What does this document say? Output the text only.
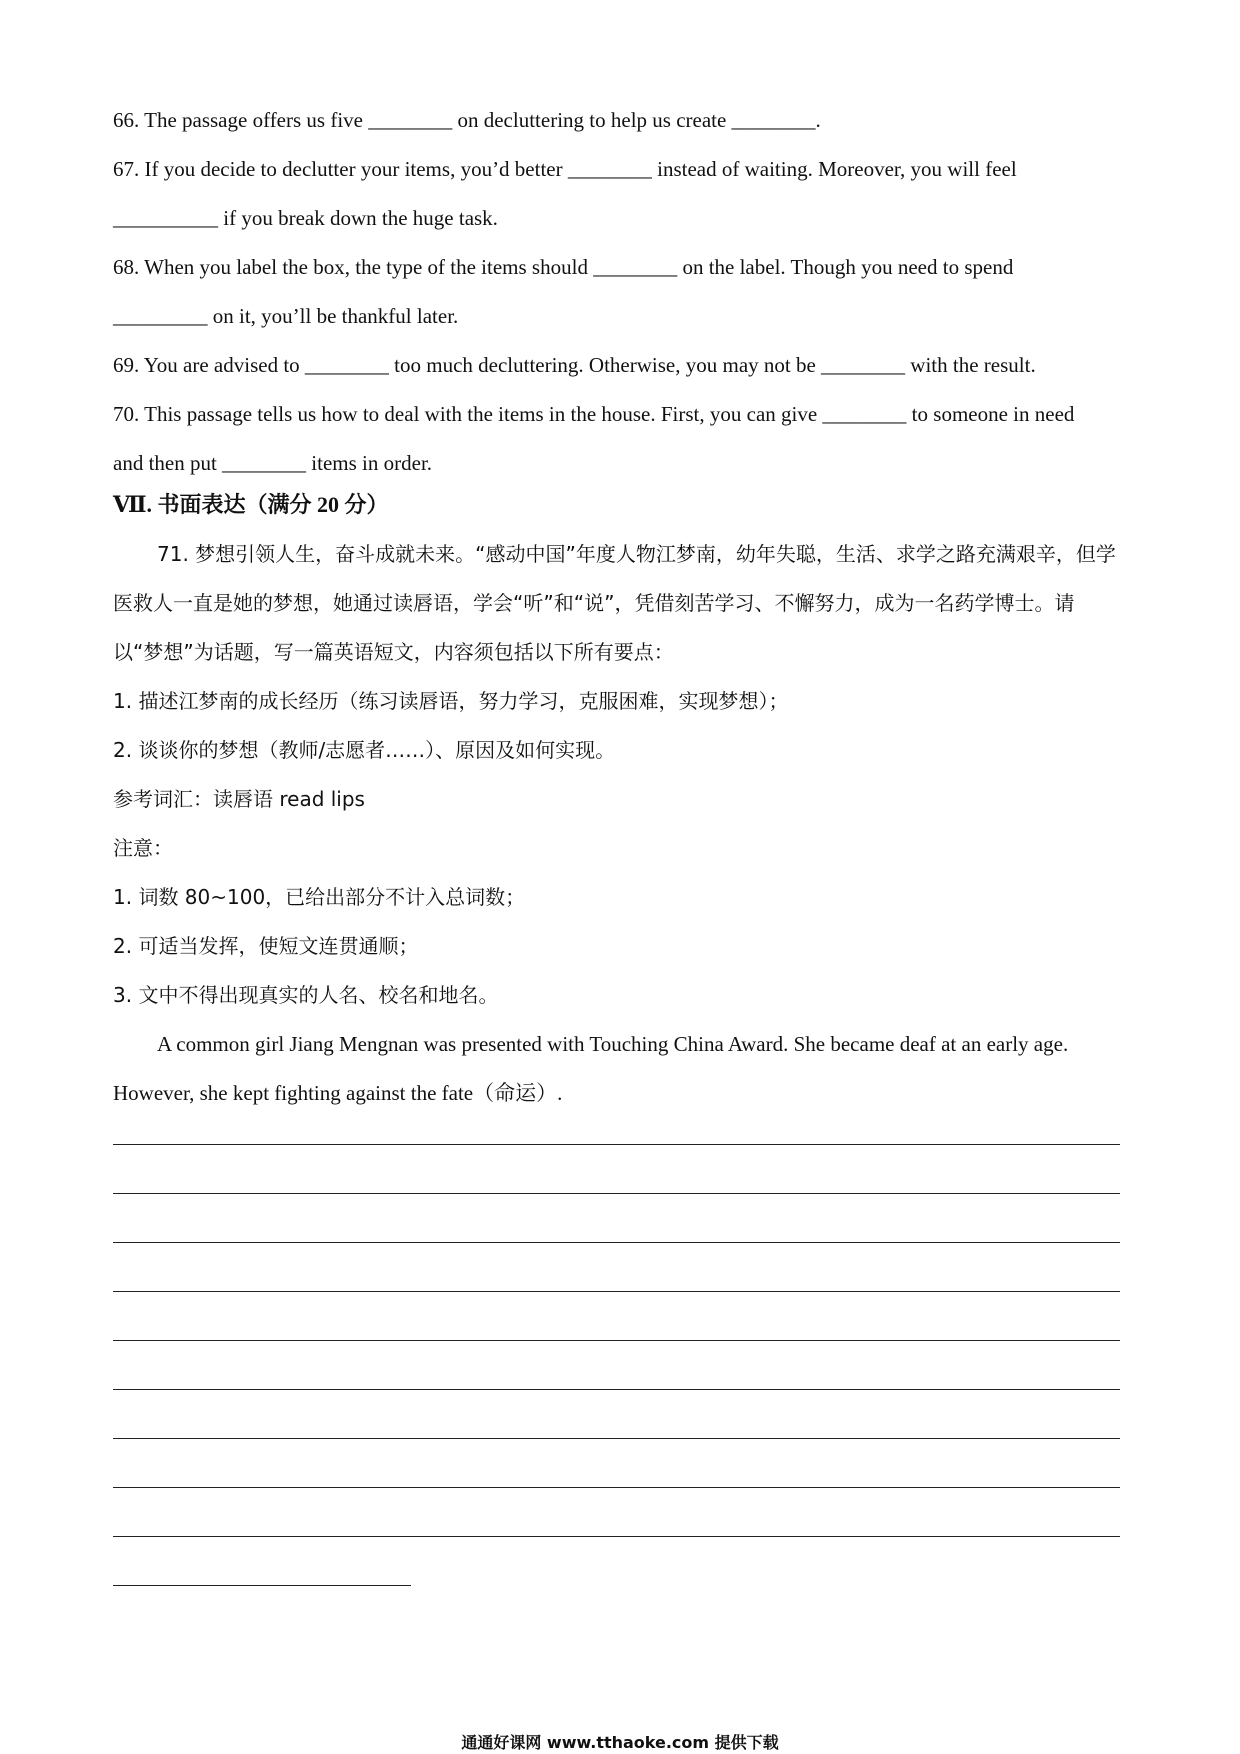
66. The passage offers us five ________ on decluttering to help us create ________.

67. If you decide to declutter your items, you’d better ________ instead of waiting. Moreover, you will feel

__________ if you break down the huge task.

68. When you label the box, the type of the items should ________ on the label. Though you need to spend

_________ on it, you’ll be thankful later.

69. You are advised to ________ too much decluttering. Otherwise, you may not be ________ with the result.

70. This passage tells us how to deal with the items in the house. First, you can give ________ to someone in need

and then put ________ items in order.

Ⅶ. 书面表达（满分 20 分）

71. 梦想引领人生，奋斗成就未来。“感动中国”年度人物江梦南，幼年失聪，生活、求学之路充满艰辛，但学医救人一直是她的梦想，她通过读唇语，学会“听”和“说”，凭借刻苦学习、不懈努力，成为一名药学博士。请以“梦想”为话题，写一篇英语短文，内容须包括以下所有要点：

1. 描述江梦南的成长经历（练习读唇语，努力学习，克服困难，实现梦想）；

2. 谈谈你的梦想（教师/志愿者……）、原因及如何实现。

参考词汇：读唇语 read lips

注意：

1. 词数 80~100，已给出部分不计入总词数；

2. 可适当发挥，使短文连贯通顺；

3. 文中不得出现真实的人名、校名和地名。

A common girl Jiang Mengnan was presented with Touching China Award. She became deaf at an early age. However, she kept fighting against the fate（命运）.

通通好课网 www.tthaoke.com 提供下载
